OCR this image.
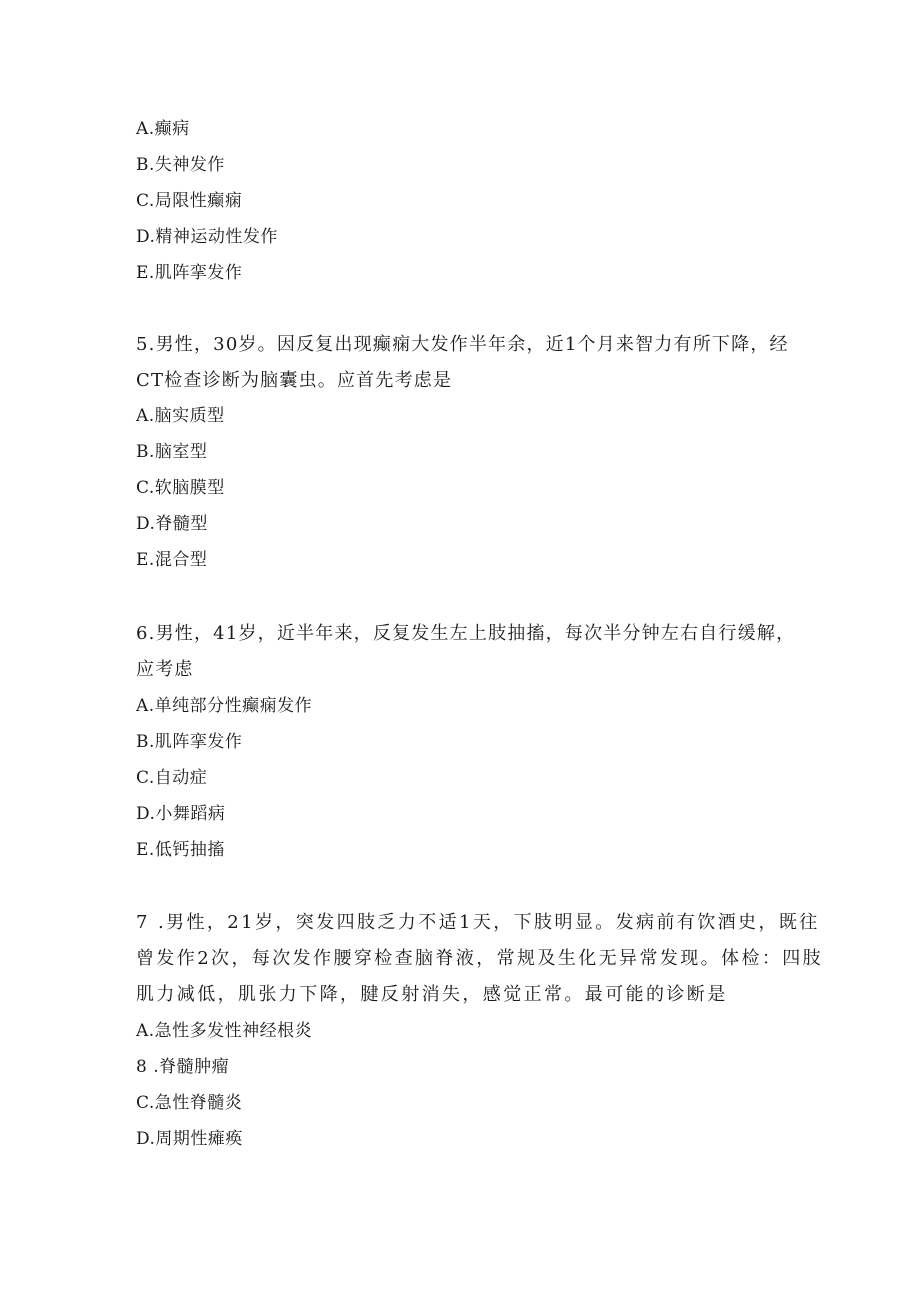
A.癫病
B.失神发作
C.局限性癫痫
D.精神运动性发作
E.肌阵挛发作
5.男性，30岁。因反复出现癫痫大发作半年余，近1个月来智力有所下降，经
CT检查诊断为脑囊虫。应首先考虑是
A.脑实质型
B.脑室型
C.软脑膜型
D.脊髓型
E.混合型
6.男性，41岁，近半年来，反复发生左上肢抽搐，每次半分钟左右自行缓解，
应考虑
A.单纯部分性癫痫发作
B.肌阵挛发作
C.自动症
D.小舞蹈病
E.低钙抽搐
7 .男性，21岁，突发四肢乏力不适1天，下肢明显。发病前有饮酒史，既往
曾发作2次，每次发作腰穿检查脑脊液，常规及生化无异常发现。体检：四肢
肌力减低，肌张力下降，腱反射消失，感觉正常。最可能的诊断是
A.急性多发性神经根炎
8 .脊髓肿瘤
C.急性脊髓炎
D.周期性瘫痪
